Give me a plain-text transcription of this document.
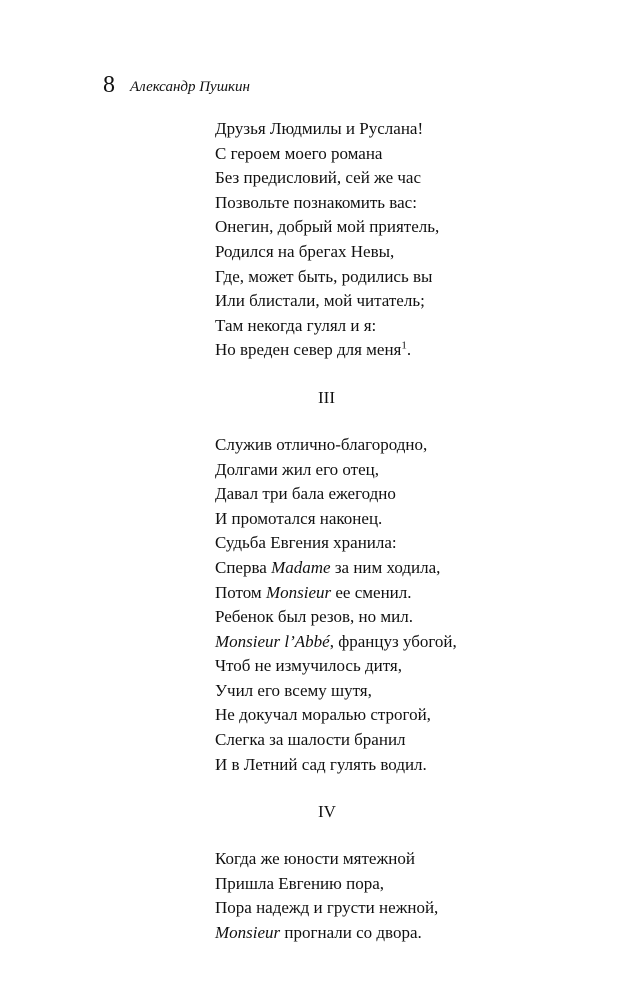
8 Александр Пушкин
Друзья Людмилы и Руслана!
С героем моего романа
Без предисловий, сей же час
Позвольте познакомить вас:
Онегин, добрый мой приятель,
Родился на брегах Невы,
Где, может быть, родились вы
Или блистали, мой читатель;
Там некогда гулял и я:
Но вреден север для меня$^1$.
III
Служив отлично-благородно,
Долгами жил его отец,
Давал три бала ежегодно
И промотался наконец.
Судьба Евгения хранила:
Сперва Madame за ним ходила,
Потом Monsieur ее сменил.
Ребенок был резов, но мил.
Monsieur l’Abbé, француз убогой,
Чтоб не измучилось дитя,
Учил его всему шутя,
Не докучал моралью строгой,
Слегка за шалости бранил
И в Летний сад гулять водил.
IV
Когда же юности мятежной
Пришла Евгению пора,
Пора надежд и грусти нежной,
Monsieur прогнали со двора.
